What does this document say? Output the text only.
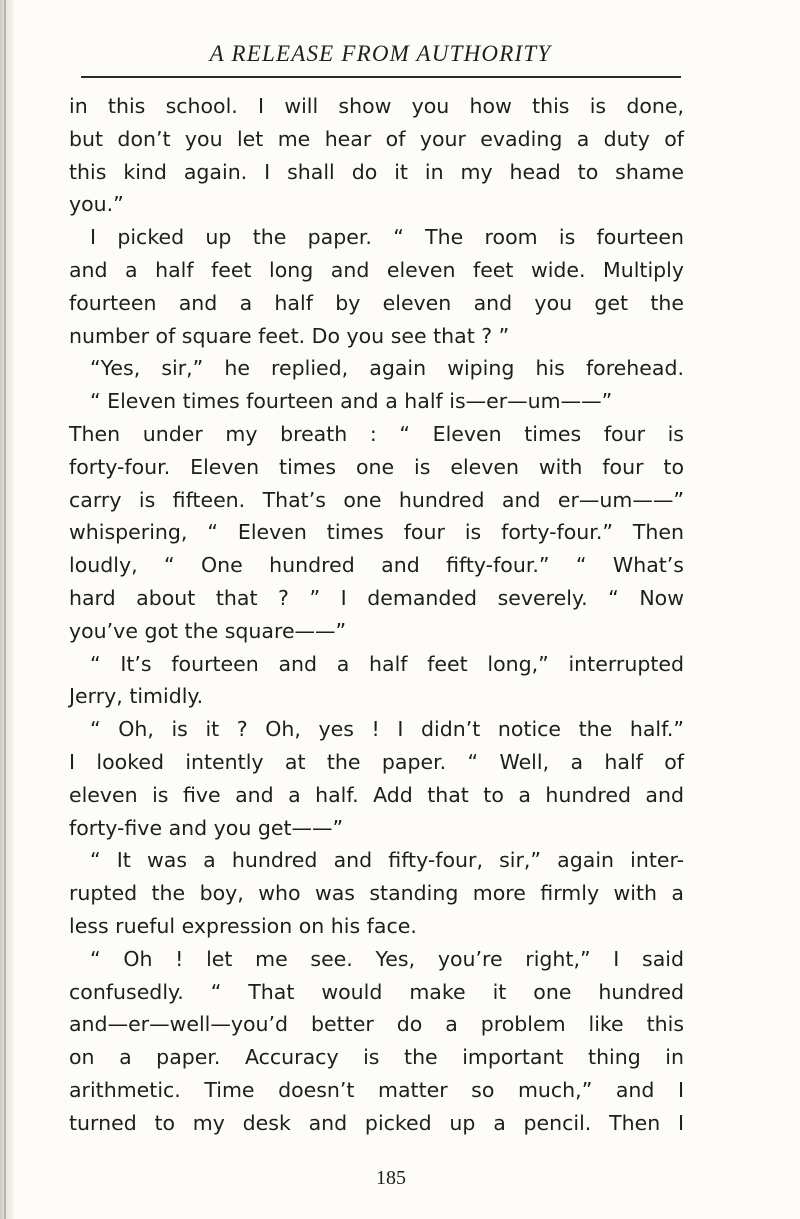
A RELEASE FROM AUTHORITY
in this school. I will show you how this is done,
but don’t you let me hear of your evading a duty of
this kind again. I shall do it in my head to shame
you.”
I picked up the paper. “ The room is fourteen
and a half feet long and eleven feet wide. Multiply
fourteen and a half by eleven and you get the
number of square feet. Do you see that ? ”
“Yes, sir,” he replied, again wiping his forehead.
“ Eleven times fourteen and a half is—er—um——”
Then under my breath : “ Eleven times four is
forty-four. Eleven times one is eleven with four to
carry is fifteen. That’s one hundred and er—um——”
whispering, “ Eleven times four is forty-four.” Then
loudly, “ One hundred and fifty-four.” “ What’s
hard about that ? ” I demanded severely. “ Now
you’ve got the square——”
“ It’s fourteen and a half feet long,” interrupted
Jerry, timidly.
“ Oh, is it ? Oh, yes ! I didn’t notice the half.”
I looked intently at the paper. “ Well, a half of
eleven is five and a half. Add that to a hundred and
forty-five and you get——”
“ It was a hundred and fifty-four, sir,” again inter-
rupted the boy, who was standing more firmly with a
less rueful expression on his face.
“ Oh ! let me see. Yes, you’re right,” I said
confusedly. “ That would make it one hundred
and—er—well—you’d better do a problem like this
on a paper. Accuracy is the important thing in
arithmetic. Time doesn’t matter so much,” and I
turned to my desk and picked up a pencil. Then I
185
